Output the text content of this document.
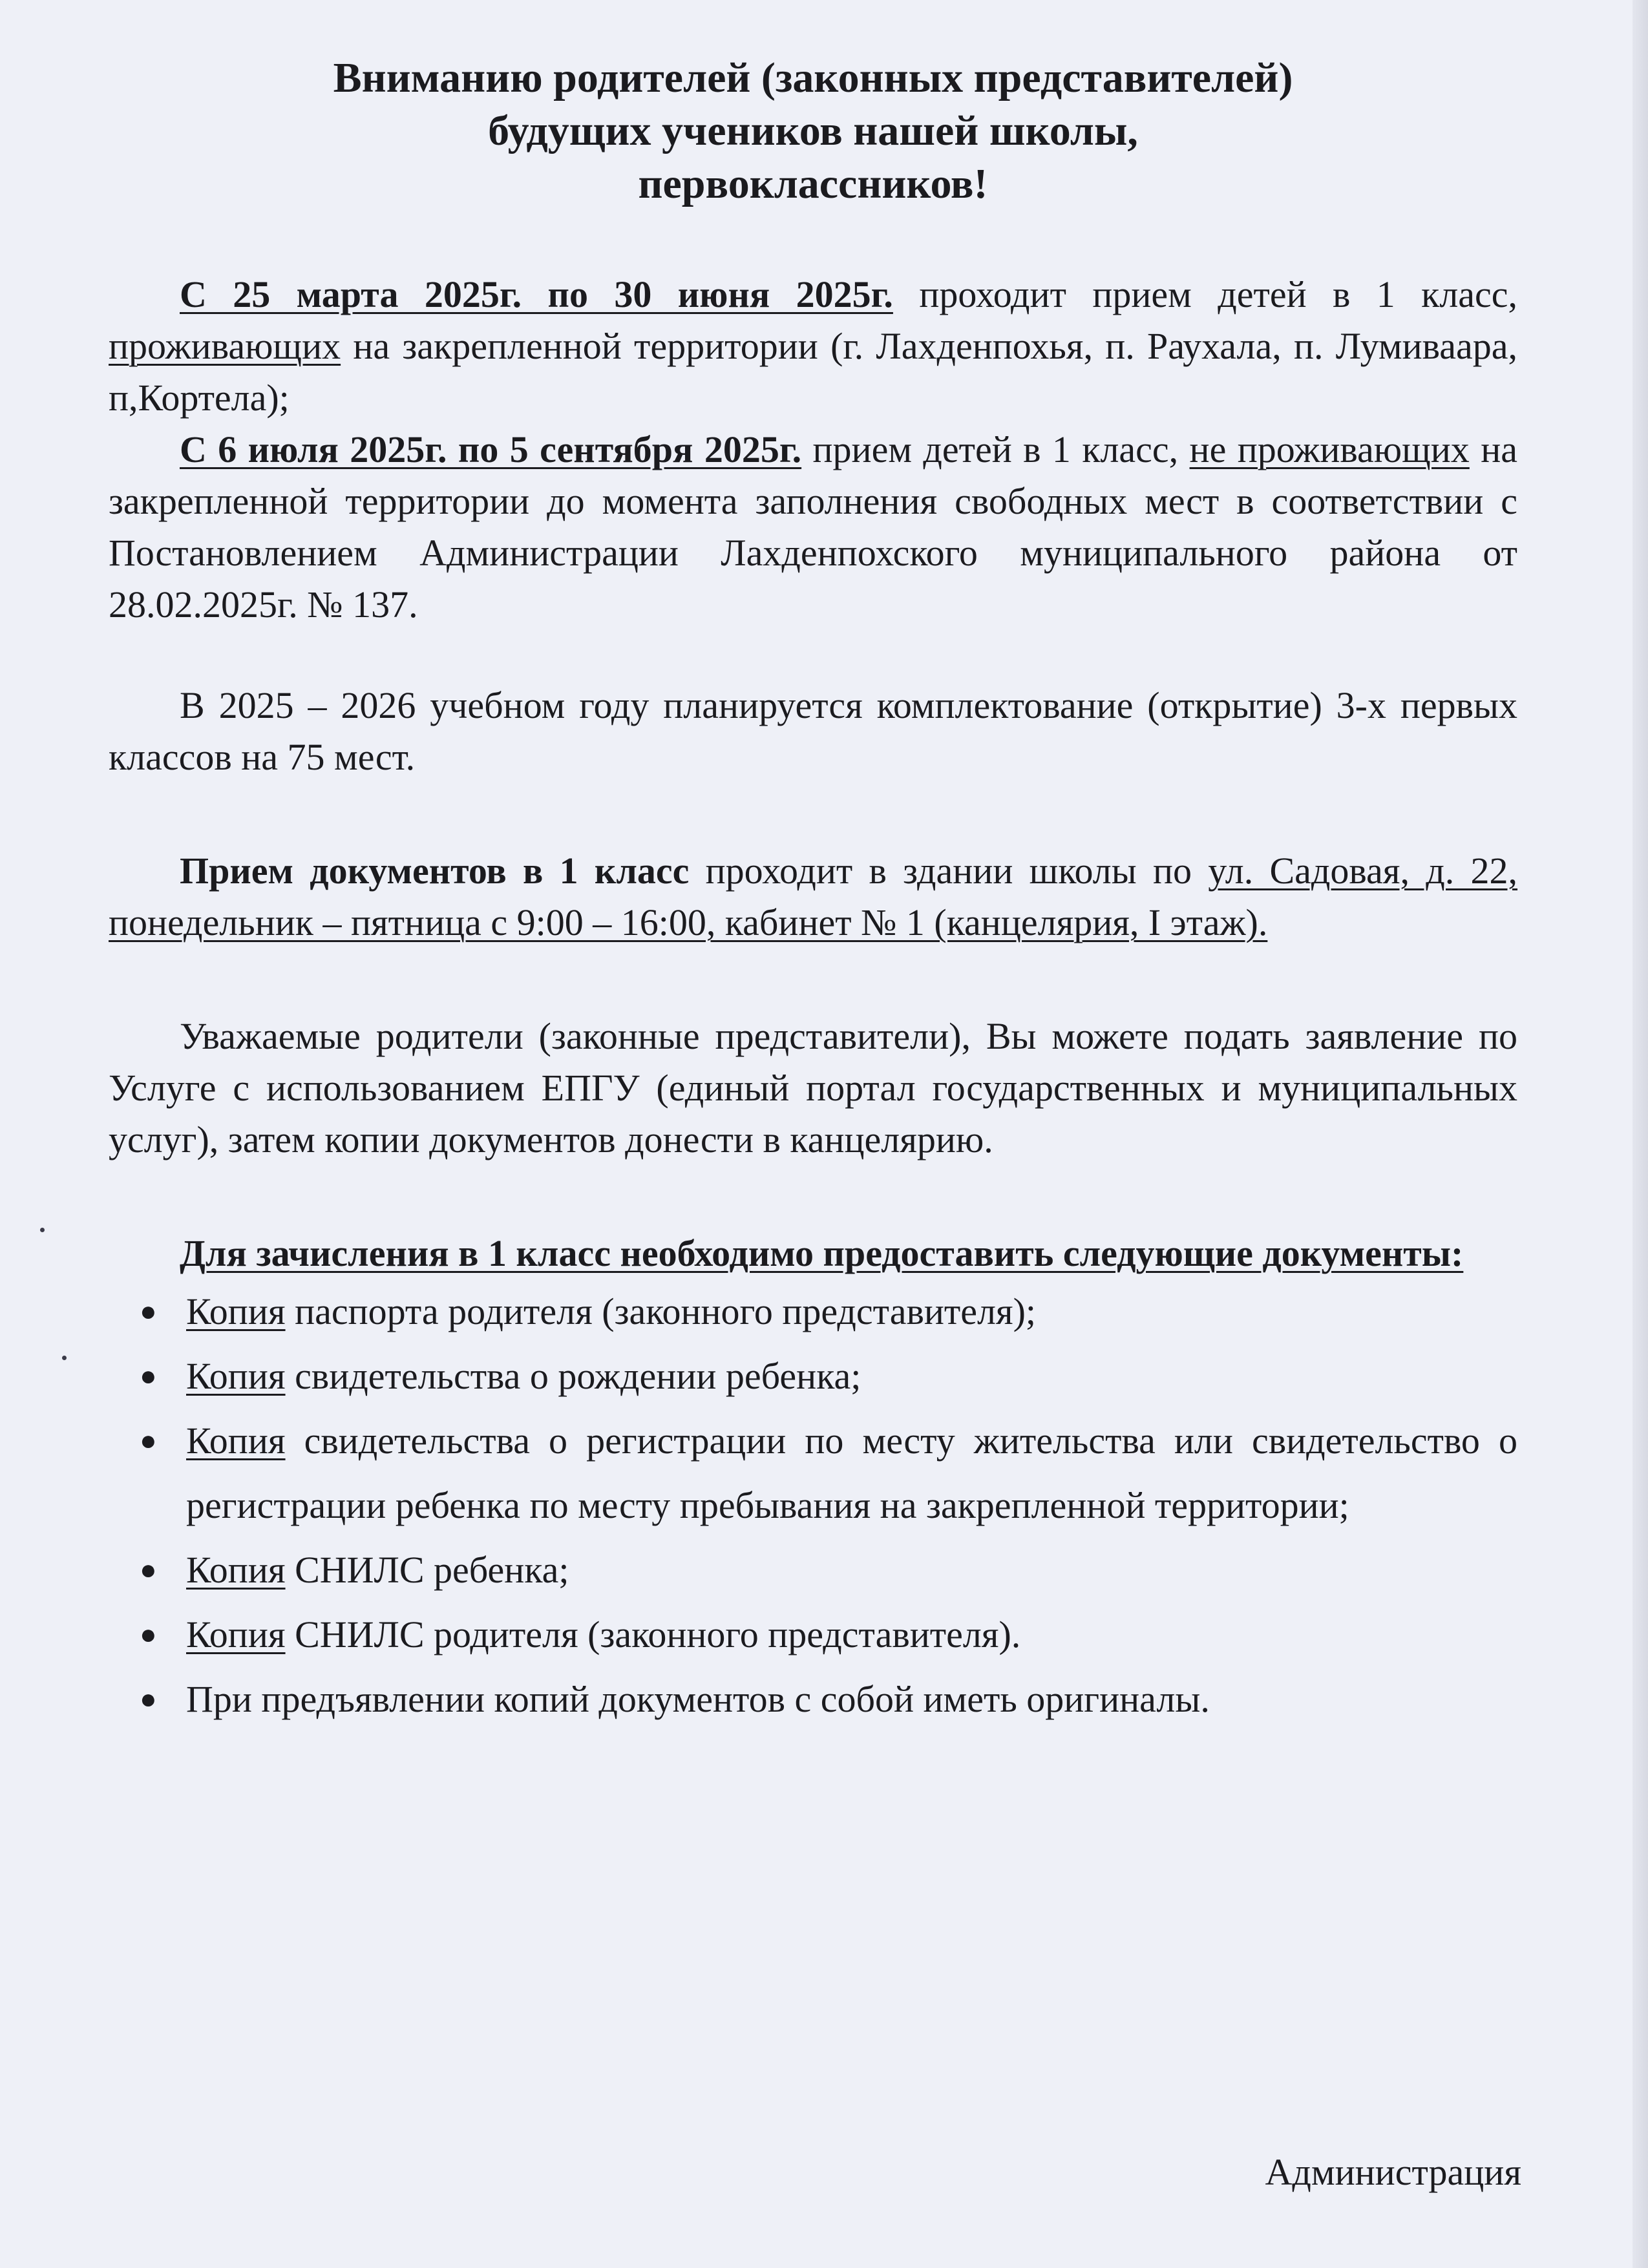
Вниманию родителей (законных представителей)
будущих учеников нашей школы,
первоклассников!

С 25 марта 2025г. по 30 июня 2025г. проходит прием детей в 1 класс, проживающих на закрепленной территории (г. Лахденпохья, п. Раухала, п. Лумиваара, п,Кортела);

С 6 июля 2025г. по 5 сентября 2025г. прием детей в 1 класс, не проживающих на закрепленной территории до момента заполнения свободных мест в соответствии с Постановлением Администрации Лахденпохского муниципального района от 28.02.2025г. № 137.

В 2025 – 2026 учебном году планируется комплектование (открытие) 3-х первых классов на 75 мест.

Прием документов в 1 класс проходит в здании школы по ул. Садовая, д. 22, понедельник – пятница с 9:00 – 16:00, кабинет № 1 (канцелярия, I этаж).

Уважаемые родители (законные представители), Вы можете подать заявление по Услуге с использованием ЕПГУ (единый портал государственных и муниципальных услуг), затем копии документов донести в канцелярию.

Для зачисления в 1 класс необходимо предоставить следующие документы:

● Копия паспорта родителя (законного представителя);
● Копия свидетельства о рождении ребенка;
● Копия свидетельства о регистрации по месту жительства или свидетельство о регистрации ребенка по месту пребывания на закрепленной территории;
● Копия СНИЛС ребенка;
● Копия СНИЛС родителя (законного представителя).
● При предъявлении копий документов с собой иметь оригиналы.
Администрация
